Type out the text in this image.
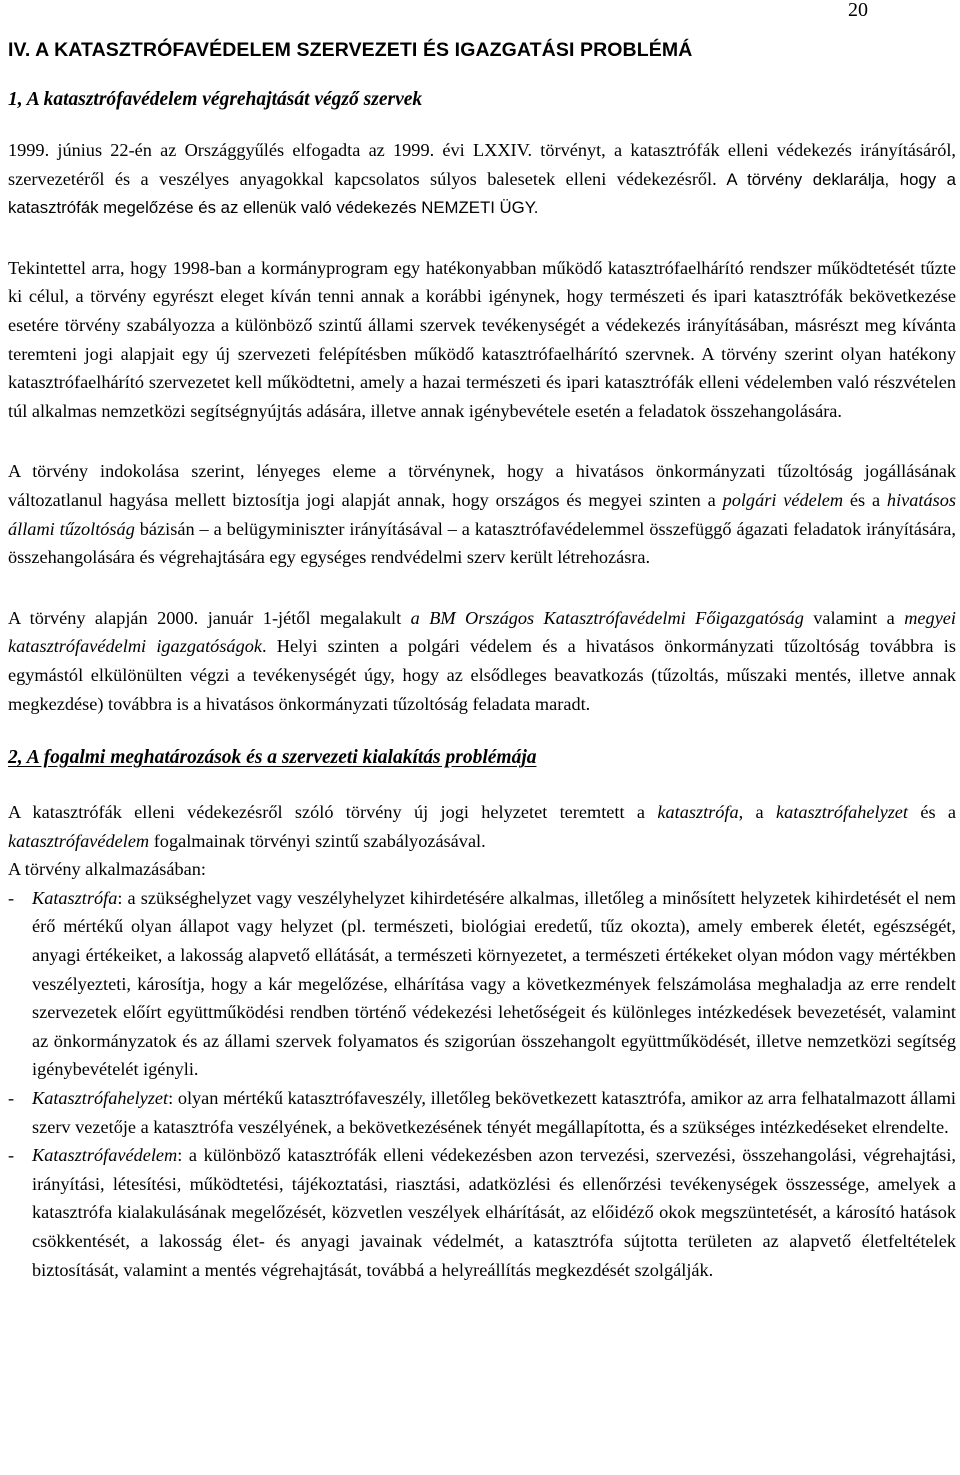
20
IV. A KATASZTRÓFAVÉDELEM SZERVEZETI ÉS IGAZGATÁSI PROBLÉMÁ
1, A katasztrófavédelem végrehajtását végző szervek

1999. június 22-én az Országgyűlés elfogadta az 1999. évi LXXIV. törvényt, a katasztrófák elleni védekezés irányításáról, szervezetéről és a veszélyes anyagokkal kapcsolatos súlyos balesetek elleni védekezésről. A törvény deklarálja, hogy a katasztrófák megelőzése és az ellenük való védekezés NEMZETI ÜGY.

Tekintettel arra, hogy 1998-ban a kormányprogram egy hatékonyabban működő katasztrófaelhárító rendszer működtetését tűzte ki célul, a törvény egyrészt eleget kíván tenni annak a korábbi igénynek, hogy természeti és ipari katasztrófák bekövetkezése esetére törvény szabályozza a különböző szintű állami szervek tevékenységét a védekezés irányításában, másrészt meg kívánta teremteni jogi alapjait egy új szervezeti felépítésben működő katasztrófaelhárító szervnek. A törvény szerint olyan hatékony katasztrófaelhárító szervezetet kell működtetni, amely a hazai természeti és ipari katasztrófák elleni védelemben való részvételen túl alkalmas nemzetközi segítségnyújtás adására, illetve annak igénybevétele esetén a feladatok összehangolására.

A törvény indokolása szerint, lényeges eleme a törvénynek, hogy a hivatásos önkormányzati tűzoltóság jogállásának változatlanul hagyása mellett biztosítja jogi alapját annak, hogy országos és megyei szinten a polgári védelem és a hivatásos állami tűzoltóság bázisán – a belügyminiszter irányításával – a katasztrófavédelemmel összefüggő ágazati feladatok irányítására, összehangolására és végrehajtására egy egységes rendvédelmi szerv került létrehozásra.

A törvény alapján 2000. január 1-jétől megalakult a BM Országos Katasztrófavédelmi Főigazgatóság valamint a megyei katasztrófavédelmi igazgatóságok. Helyi szinten a polgári védelem és a hivatásos önkormányzati tűzoltóság továbbra is egymástól elkülönülten végzi a tevékenységét úgy, hogy az elsődleges beavatkozás (tűzoltás, műszaki mentés, illetve annak megkezdése) továbbra is a hivatásos önkormányzati tűzoltóság feladata maradt.

2, A fogalmi meghatározások és a szervezeti kialakítás problémája

A katasztrófák elleni védekezésről szóló törvény új jogi helyzetet teremtett a katasztrófa, a katasztrófahelyzet és a katasztrófavédelem fogalmainak törvényi szintű szabályozásával.

A törvény alkalmazásában:

- Katasztrófa: a szükséghelyzet vagy veszélyhelyzet kihirdetésére alkalmas, illetőleg a minősített helyzetek kihirdetését el nem érő mértékű olyan állapot vagy helyzet (pl. természeti, biológiai eredetű, tűz okozta), amely emberek életét, egészségét, anyagi értékeiket, a lakosság alapvető ellátását, a természeti környezetet, a természeti értékeket olyan módon vagy mértékben veszélyezteti, károsítja, hogy a kár megelőzése, elhárítása vagy a következmények felszámolása meghaladja az erre rendelt szervezetek előírt együttműködési rendben történő védekezési lehetőségeit és különleges intézkedések bevezetését, valamint az önkormányzatok és az állami szervek folyamatos és szigorúan összehangolt együttműködését, illetve nemzetközi segítség igénybevételét igényli.
- Katasztrófahelyzet: olyan mértékű katasztrófaveszély, illetőleg bekövetkezett katasztrófa, amikor az arra felhatalmazott állami szerv vezetője a katasztrófa veszélyének, a bekövetkezésének tényét megállapította, és a szükséges intézkedéseket elrendelte.
- Katasztrófavédelem: a különböző katasztrófák elleni védekezésben azon tervezési, szervezési, összehangolási, végrehajtási, irányítási, létesítési, működtetési, tájékoztatási, riasztási, adatközlési és ellenőrzési tevékenységek összessége, amelyek a katasztrófa kialakulásának megelőzését, közvetlen veszélyek elhárítását, az előidéző okok megszüntetését, a károsító hatások csökkentését, a lakosság élet- és anyagi javainak védelmét, a katasztrófa sújtotta területen az alapvető életfeltételek biztosítását, valamint a mentés végrehajtását, továbbá a helyreállítás megkezdését szolgálják.
